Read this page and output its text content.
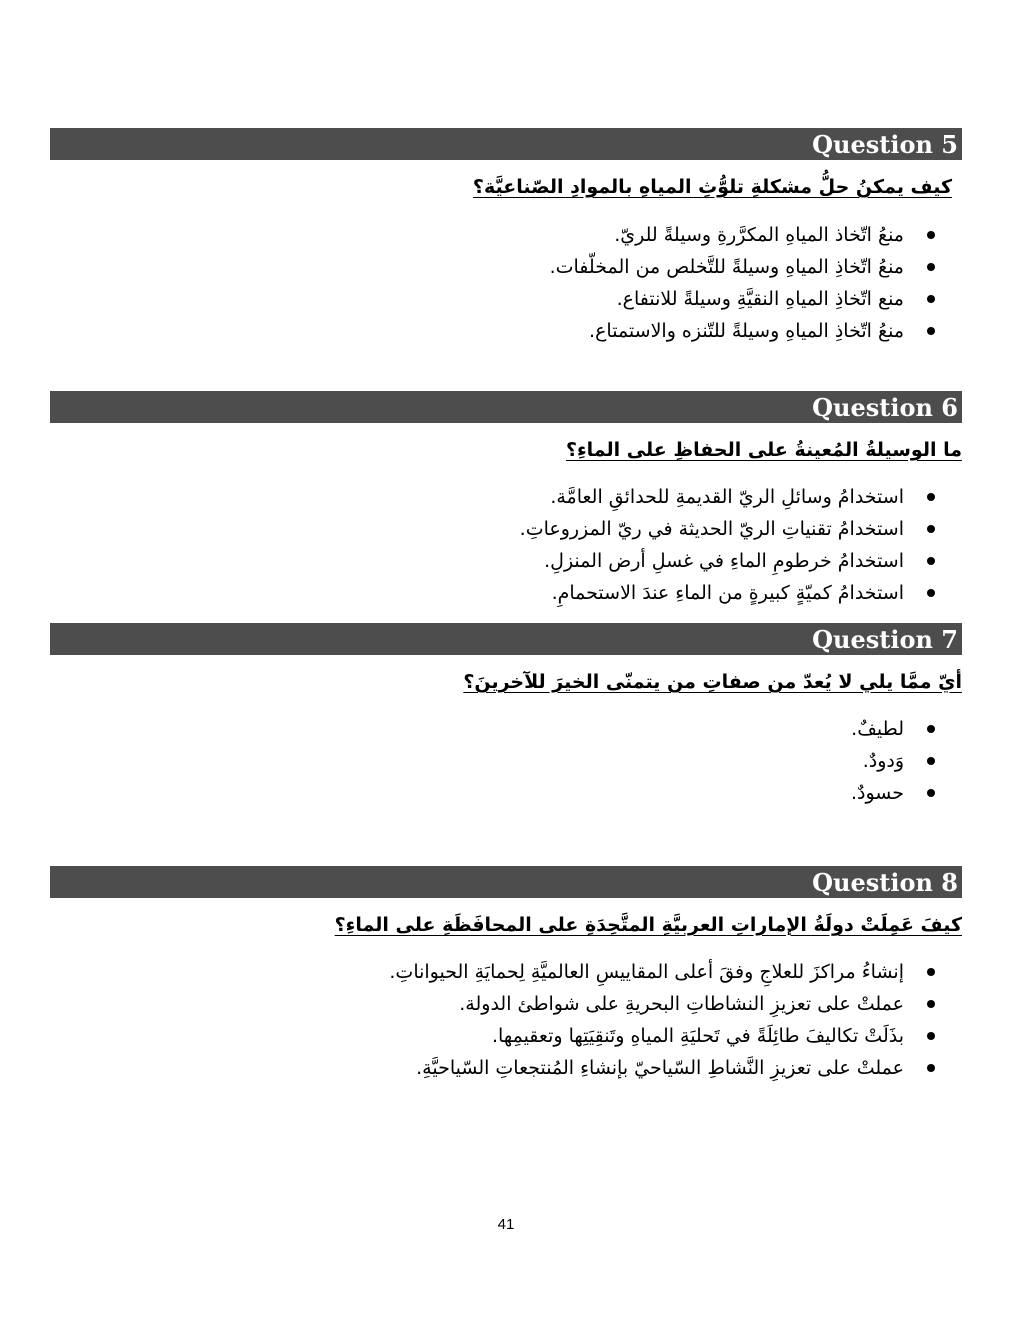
Question 5
كيف يمكنُ حلُّ مشكلةِ تلوُّثِ المياهِ بالموادِ الصّناعيَّة؟
منعُ اتّخاذ المياهِ المكرَّرةِ وسيلةً للريّ.
منعُ اتّخاذِ المياهِ وسيلةً للتَّخلص من المخلّفات.
منع اتّخاذِ المياهِ النقيَّةِ وسيلةً للانتفاع.
منعُ اتّخاذِ المياهِ وسيلةً للتّنزه والاستمتاع.
Question 6
ما الوسيلةُ المُعينةُ على الحفاظِ على الماءِ؟
استخدامُ وسائلِ الريّ القديمةِ للحدائقِ العامَّة.
استخدامُ تقنياتِ الريّ الحديثة في ريّ المزروعاتِ.
استخدامُ خرطومِ الماءِ في غسلِ أرض المنزلِ.
استخدامُ كميّةٍ كبيرةٍ من الماءِ عندَ الاستحمامِ.
Question 7
أيّ ممَّا يلي لا يُعدّ من صفاتِ من يتمنّى الخيرَ للآخرينَ؟
لطيفٌ.
وَدودٌ.
حسودٌ.
Question 8
كيفَ عَمِلَتْ دولَةُ الإماراتِ العربيَّةِ المتَّحِدَةِ على المحافَظَةِ على الماءِ؟
إنشاءُ مراكزَ للعلاجِ وفقَ أعلى المقاييسِ العالميَّةِ لِحمايَةِ الحيواناتِ.
عملتْ على تعزيزِ النشاطاتِ البحريةِ على شواطئ الدولة.
بذَلَتْ تكاليفَ طائِلَةً في تَحليَةِ المياهِ وتَنقِيَتِها وتعقيمِها.
عملتْ على تعزيزِ النَّشاطِ السّياحيّ بإنشاءِ المُنتجعاتِ السّياحيَّةِ.
41
